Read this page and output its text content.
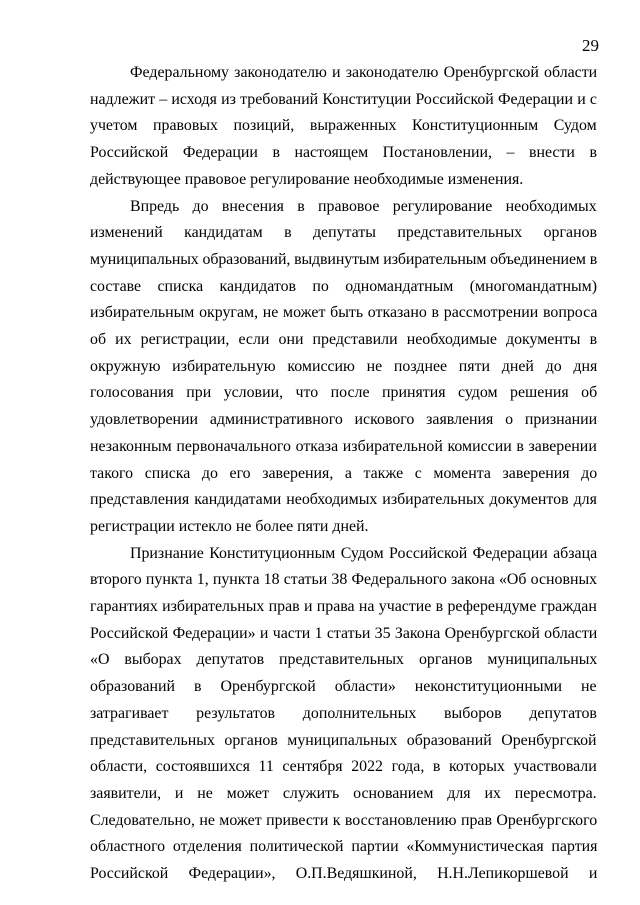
29

Федеральному законодателю и законодателю Оренбургской области
надлежит – исходя из требований Конституции Российской Федерации и с
учетом правовых позиций, выраженных Конституционным Судом
Российской Федерации в настоящем Постановлении, – внести в
действующее правовое регулирование необходимые изменения.

Впредь до внесения в правовое регулирование необходимых
изменений кандидатам в депутаты представительных органов
муниципальных образований, выдвинутым избирательным объединением в
составе списка кандидатов по одномандатным (многомандатным)
избирательным округам, не может быть отказано в рассмотрении вопроса
об их регистрации, если они представили необходимые документы в
окружную избирательную комиссию не позднее пяти дней до дня
голосования при условии, что после принятия судом решения об
удовлетворении административного искового заявления о признании
незаконным первоначального отказа избирательной комиссии в заверении
такого списка до его заверения, а также с момента заверения до
представления кандидатами необходимых избирательных документов для
регистрации истекло не более пяти дней.

Признание Конституционным Судом Российской Федерации абзаца
второго пункта 1, пункта 18 статьи 38 Федерального закона «Об основных
гарантиях избирательных прав и права на участие в референдуме граждан
Российской Федерации» и части 1 статьи 35 Закона Оренбургской области
«О выборах депутатов представительных органов муниципальных
образований в Оренбургской области» неконституционными не
затрагивает результатов дополнительных выборов депутатов
представительных органов муниципальных образований Оренбургской
области, состоявшихся 11 сентября 2022 года, в которых участвовали
заявители, и не может служить основанием для их пересмотра.
Следовательно, не может привести к восстановлению прав Оренбургского
областного отделения политической партии «Коммунистическая партия
Российской Федерации», О.П.Ведяшкиной, Н.Н.Лепикоршевой и
